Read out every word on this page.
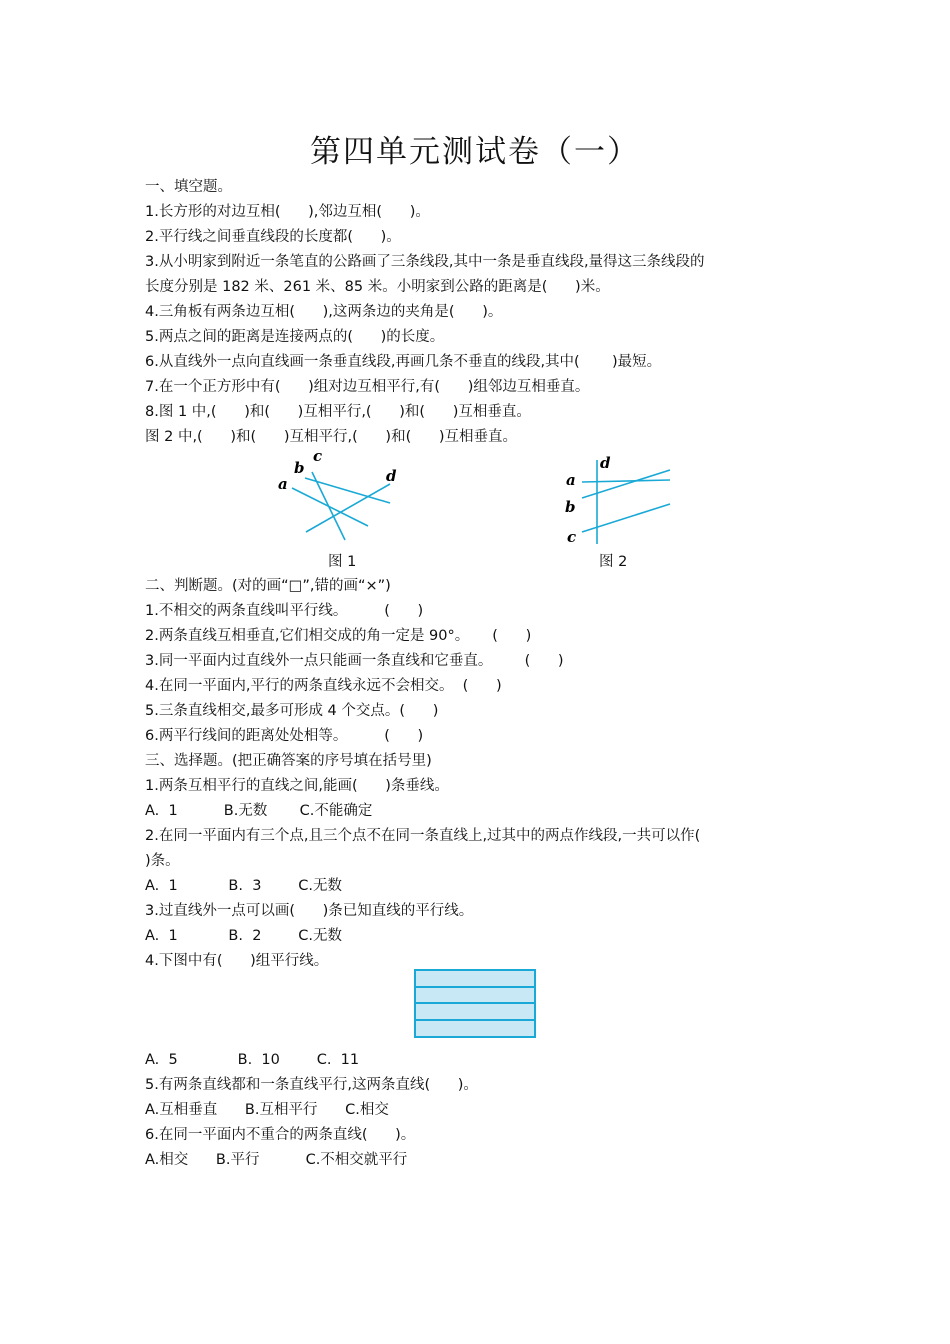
第四单元测试卷（一）
一、填空题。
1.长方形的对边互相(      ),邻边互相(      )。
2.平行线之间垂直线段的长度都(      )。
3.从小明家到附近一条笔直的公路画了三条线段,其中一条是垂直线段,量得这三条线段的
长度分别是 182 米、261 米、85 米。小明家到公路的距离是(      )米。
4.三角板有两条边互相(      ),这两条边的夹角是(      )。
5.两点之间的距离是连接两点的(      )的长度。
6.从直线外一点向直线画一条垂直线段,再画几条不垂直的线段,其中(       )最短。
7.在一个正方形中有(      )组对边互相平行,有(      )组邻边互相垂直。
8.图 1 中,(      )和(      )互相平行,(      )和(      )互相垂直。
图 2 中,(      )和(      )互相平行,(      )和(      )互相垂直。
a
b
c
d
图 1
a
b
c
d
图 2
二、判断题。(对的画“□”,错的画“×”)
1.不相交的两条直线叫平行线。        (      )
2.两条直线互相垂直,它们相交成的角一定是 90°。     (      )
3.同一平面内过直线外一点只能画一条直线和它垂直。       (      )
4.在同一平面内,平行的两条直线永远不会相交。  (      )
5.三条直线相交,最多可形成 4 个交点。(      )
6.两平行线间的距离处处相等。        (      )
三、选择题。(把正确答案的序号填在括号里)
1.两条互相平行的直线之间,能画(      )条垂线。
A.  1          B.无数       C.不能确定
2.在同一平面内有三个点,且三个点不在同一条直线上,过其中的两点作线段,一共可以作(
)条。
A.  1           B.  3        C.无数
3.过直线外一点可以画(      )条已知直线的平行线。
A.  1           B.  2        C.无数
4.下图中有(      )组平行线。
A.  5             B.  10        C.  11
5.有两条直线都和一条直线平行,这两条直线(      )。
A.互相垂直      B.互相平行      C.相交
6.在同一平面内不重合的两条直线(      )。
A.相交      B.平行          C.不相交就平行
